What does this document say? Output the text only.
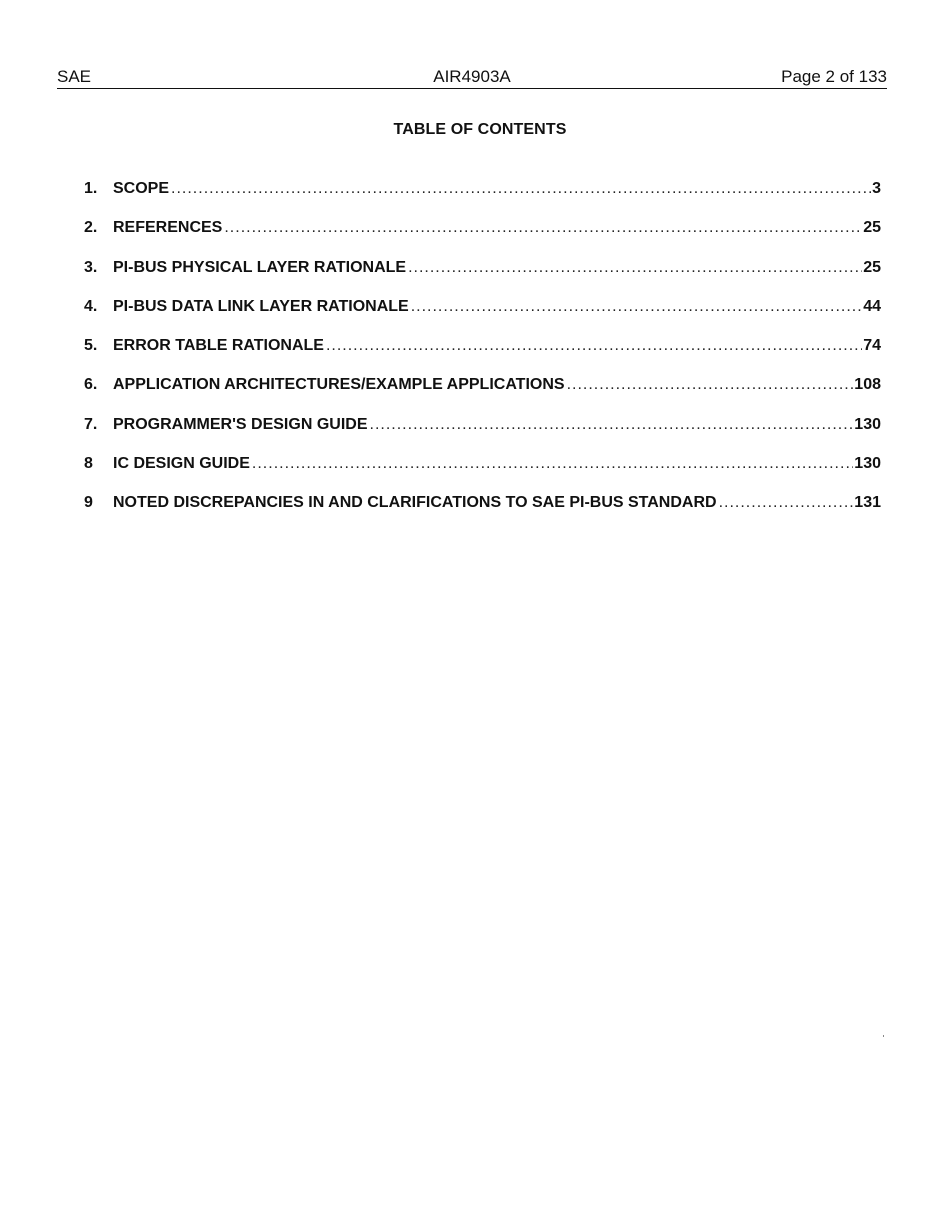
SAE	AIR4903A	Page 2 of 133
TABLE OF CONTENTS
1. SCOPE .....	3
2. REFERENCES .....	25
3. PI-BUS PHYSICAL LAYER RATIONALE .....	25
4. PI-BUS DATA LINK LAYER RATIONALE .....	44
5. ERROR TABLE RATIONALE .....	74
6. APPLICATION ARCHITECTURES/EXAMPLE APPLICATIONS .....	108
7. PROGRAMMER'S DESIGN GUIDE .....	130
8	IC DESIGN GUIDE .....	130
9	NOTED DISCREPANCIES IN AND CLARIFICATIONS TO SAE PI-BUS STANDARD .....	131
